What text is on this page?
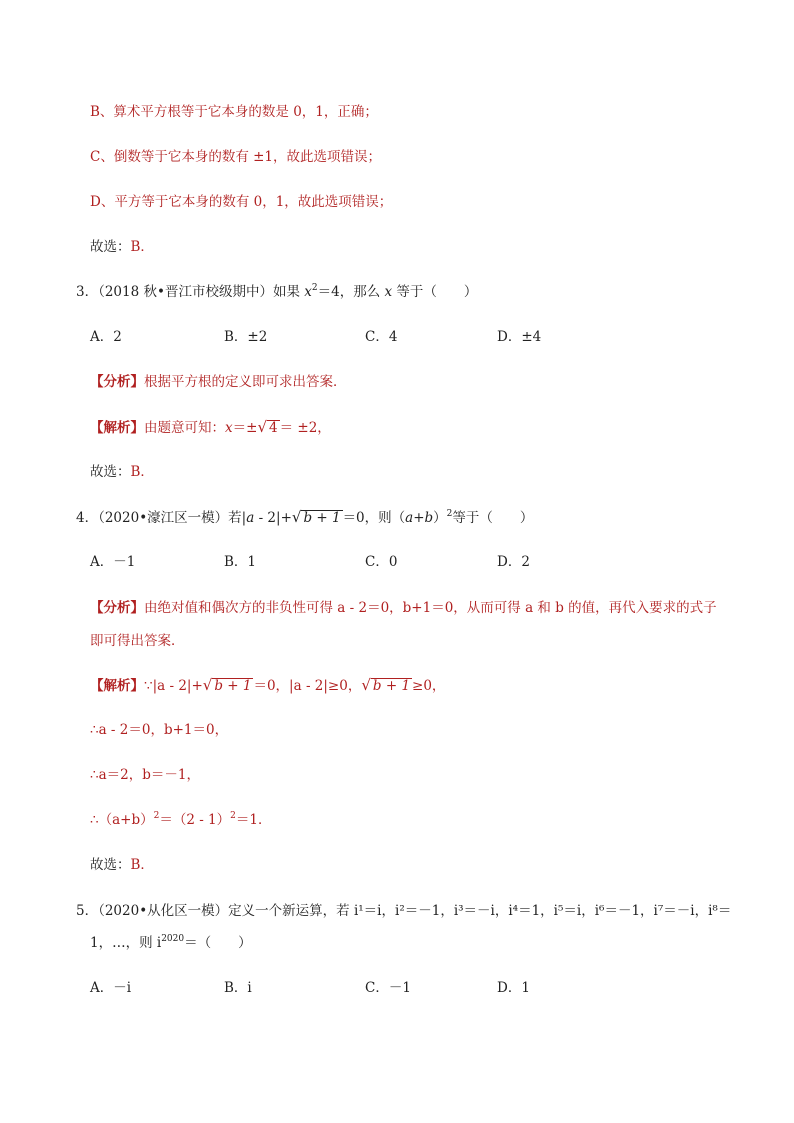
B、算术平方根等于它本身的数是 0，1，正确；
C、倒数等于它本身的数有 ±1，故此选项错误；
D、平方等于它本身的数有 0，1，故此选项错误；
故选：B．
3．（2018 秋•晋江市校级期中）如果 $x^2=4$，那么 x 等于（　　）
A．2	B．±2	C．4	D．±4
【分析】根据平方根的定义即可求出答案．
【解析】由题意可知：x＝±√ 4 ＝ ±2，
故选：B．
4．（2020•濠江区一模）若|a - 2|+√ b + 1 ＝0，则$(a+b)^2$等于（　　）
A．－1	B．1	C．0	D．2
【分析】由绝对值和偶次方的非负性可得 a - 2＝0，b+1＝0，从而可得 a 和 b 的值，再代入要求的式子
即可得出答案．
【解析】∵|a - 2|+√ b + 1 ＝0，|a - 2|≥0，√ b + 1 ≥0，
∴a - 2＝0，b+1＝0，
∴a＝2，b＝－1，
$\therefore(a+b)^2=(2 - 1)^2=1$．
故选：B．
5．（2020•从化区一模）定义一个新运算，若 i¹＝i，i²＝－1，i³＝－i，i⁴＝1，i⁵＝i，i⁶＝－1，i⁷＝－i，i⁸＝
1，…，则 $i^{2020}=$（　　）
A．－i	B．i	C．－1	D．1
